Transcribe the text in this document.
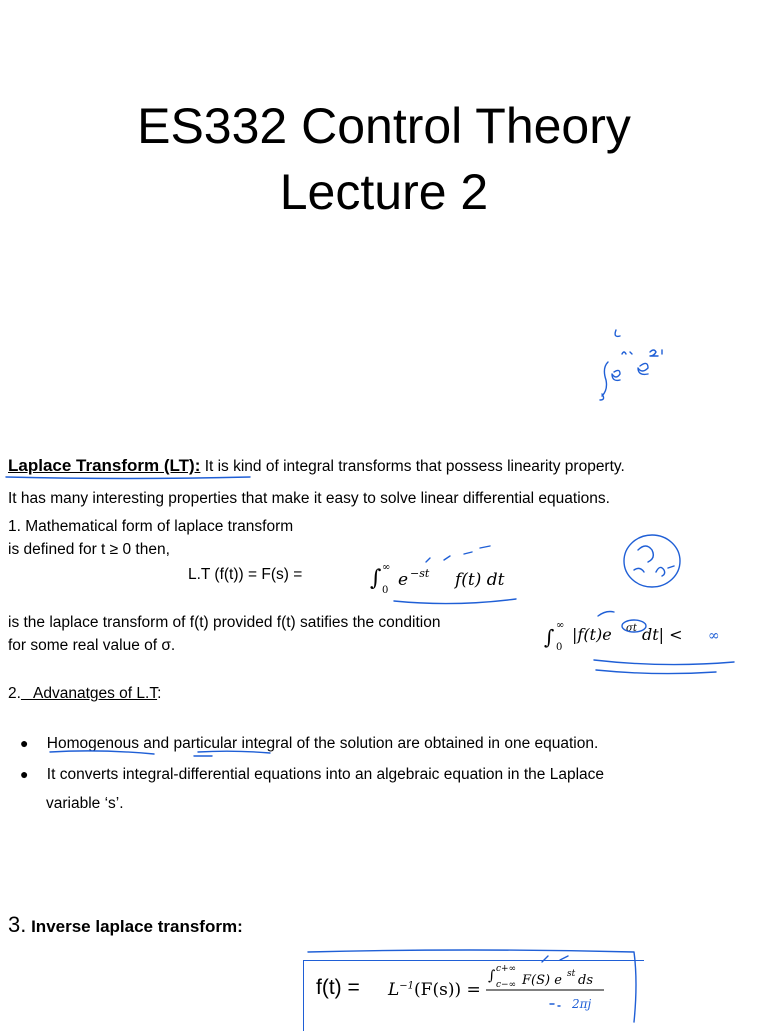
ES332 Control Theory
Lecture 2
Laplace Transform (LT): It is kind of integral transforms that possess linearity property.
It has many interesting properties that make it easy to solve linear differential equations.
1. Mathematical form of laplace transform
is defined for t ≥ 0 then,
L.T (f(t)) = F(s) =	∫ ∞
0
e −st f(t) dt
is the laplace transform of f(t) provided f(t) satifies the condition
for some real value of σ.	∫ ∞
0
|f(t)e σt dt| < ∞
2.   Advanatges of L.T:
● Homogenous and particular integral of the solution are obtained in one equation.
● It converts integral-differential equations into an algebraic equation in the Laplace
variable ‘s’.
3. Inverse laplace transform:
$f(t) = L^{-1}(F(s))$ =
∫ c+∞
c−∞ F(S) e st ds
2πj
